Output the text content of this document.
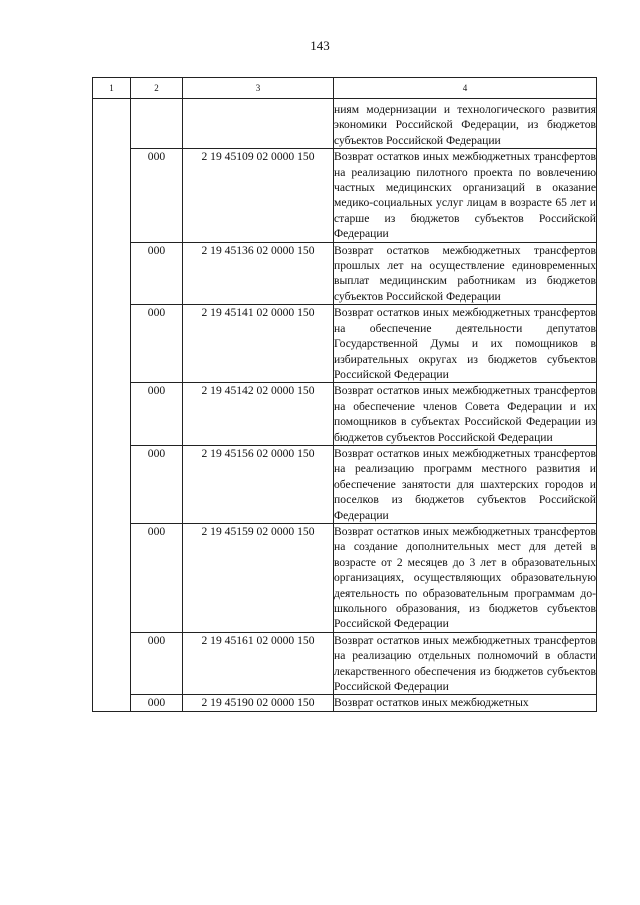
143
1	2	3	4
			ниям модернизации и технологического развития экономики Российской Федерации, из бюджетов субъектов Российской Федерации
	000	2 19 45109 02 0000 150	Возврат остатков иных межбюджетных трансфертов на реализацию пилотного проекта по вовлечению частных медицинских организаций в оказание медико-социальных услуг лицам в возрасте 65 лет и старше из бюджетов субъектов Российской Федерации
	000	2 19 45136 02 0000 150	Возврат остатков межбюджетных трансфертов прошлых лет на осуществление единовременных выплат медицинским работникам из бюджетов субъектов Российской Федерации
	000	2 19 45141 02 0000 150	Возврат остатков иных межбюджетных трансфертов на обеспечение деятельности депутатов Государственной Думы и их помощников в избирательных округах из бюджетов субъектов Российской Федерации
	000	2 19 45142 02 0000 150	Возврат остатков иных межбюджетных трансфертов на обеспечение членов Совета Федерации и их помощников в субъектах Российской Федерации из бюджетов субъектов Российской Федерации
	000	2 19 45156 02 0000 150	Возврат остатков иных межбюджетных трансфертов на реализацию программ местного развития и обеспечение занятости для шахтерских городов и поселков из бюджетов субъектов Российской Федерации
	000	2 19 45159 02 0000 150	Возврат остатков иных межбюджетных трансфертов на создание дополнительных мест для детей в возрасте от 2 месяцев до 3 лет в образовательных организациях, осуществляющих образовательную деятельность по образовательным программам дошкольного образования, из бюджетов субъектов Российской Федерации
	000	2 19 45161 02 0000 150	Возврат остатков иных межбюджетных трансфертов на реализацию отдельных полномочий в области лекарственного обеспечения из бюджетов субъектов Российской Федерации
	000	2 19 45190 02 0000 150	Возврат остатков иных межбюджетных
